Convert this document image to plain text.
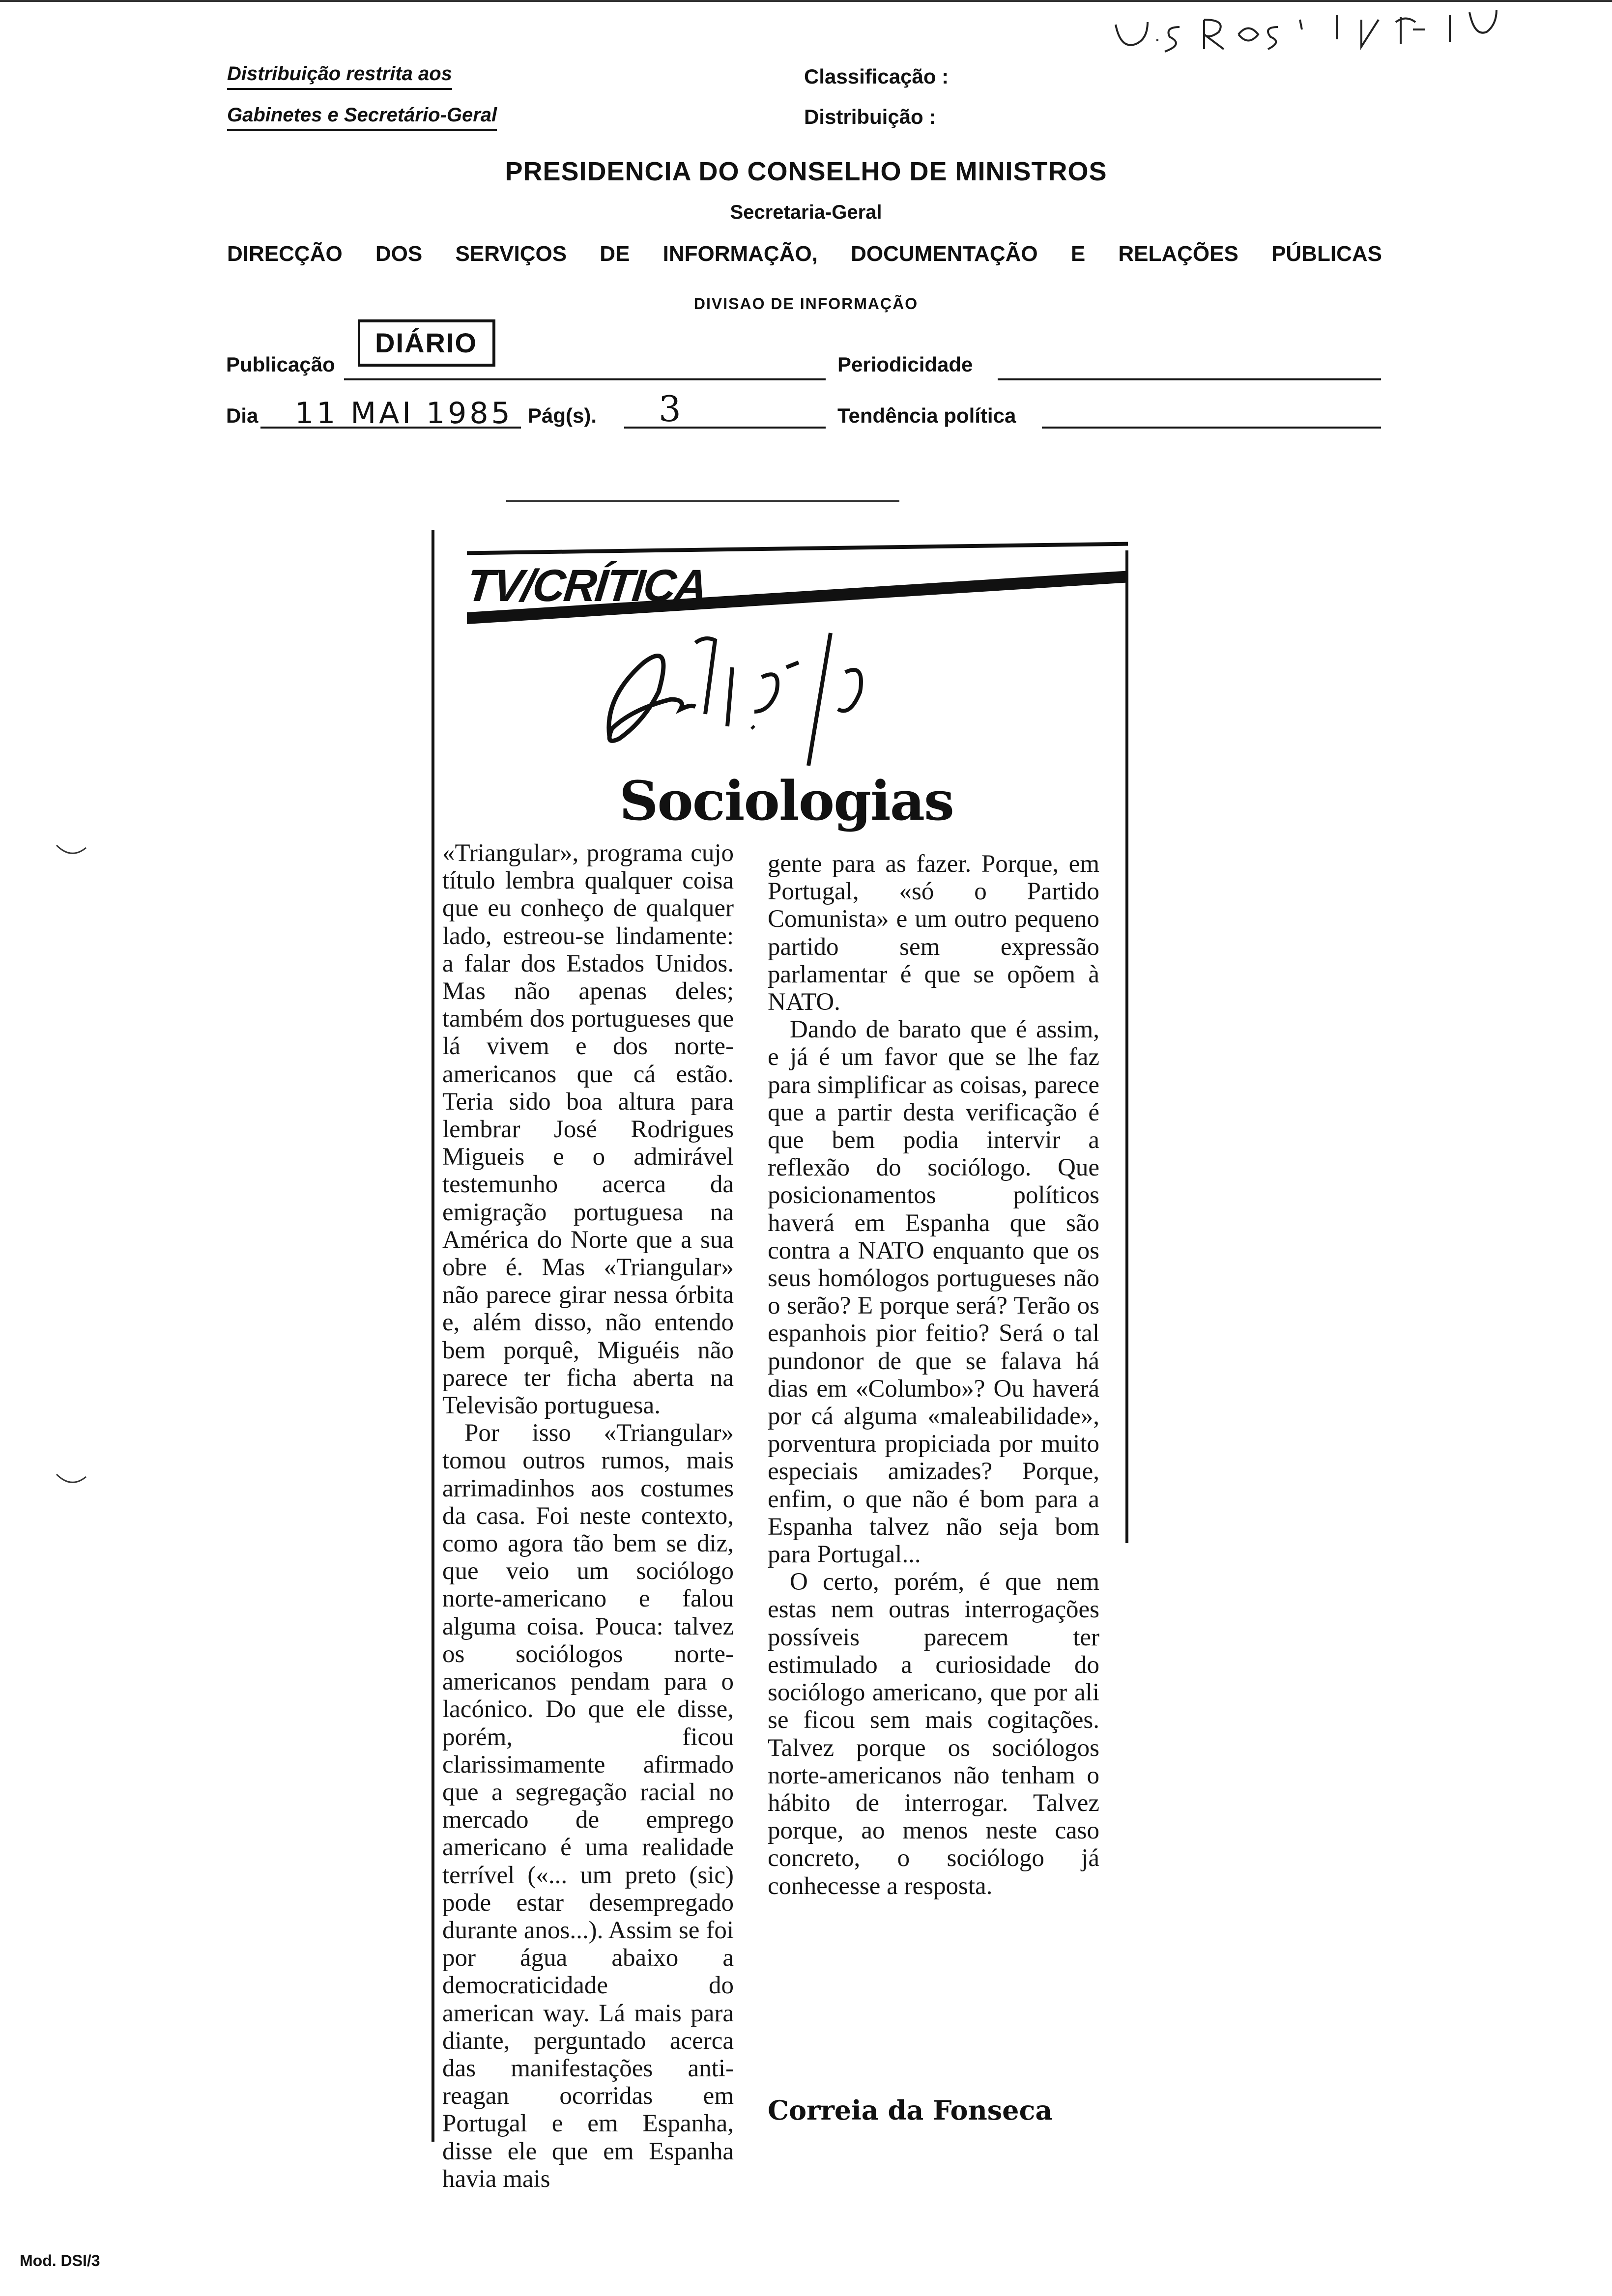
Distribuição restrita aos
Gabinetes e Secretário-Geral
Classificação :
Distribuição :
PRESIDENCIA DO CONSELHO DE MINISTROS
Secretaria-Geral
DIRECÇÃO DOS SERVIÇOS DE INFORMAÇÃO, DOCUMENTAÇÃO E RELAÇÕES PÚBLICAS
DIVISAO DE INFORMAÇÃO
Publicação
DIÁRIO
Periodicidade
Dia 11 MAI 1985 Pág(s). 3	Tendência política
TV/CRÍTICA
Sociologias

«Triangular», programa cujo título lembra qualquer coisa que eu conheço de qualquer lado, estreou-se lindamente: a falar dos Estados Unidos. Mas não apenas deles; também dos portugueses que lá vivem e dos norte-americanos que cá estão. Teria sido boa altura para lembrar José Rodrigues Migueis e o admirável testemunho acerca da emigração portuguesa na América do Norte que a sua obre é. Mas «Triangular» não parece girar nessa órbita e, além disso, não entendo bem porquê, Miguéis não parece ter ficha aberta na Televisão portuguesa.

Por isso «Triangular» tomou outros rumos, mais arrimadinhos aos costumes da casa. Foi neste contexto, como agora tão bem se diz, que veio um sociólogo norte-americano e falou alguma coisa. Pouca: talvez os sociólogos norte-americanos pendam para o lacónico. Do que ele disse, porém, ficou clarissimamente afirmado que a segregação racial no mercado de emprego americano é uma realidade terrível («... um preto (sic) pode estar desempregado durante anos...). Assim se foi por água abaixo a democraticidade do american way. Lá mais para diante, perguntado acerca das manifestações anti-reagan ocorridas em Portugal e em Espanha, disse ele que em Espanha havia mais

gente para as fazer. Porque, em Portugal, «só o Partido Comunista» e um outro pequeno partido sem expressão parlamentar é que se opõem à NATO.

Dando de barato que é assim, e já é um favor que se lhe faz para simplificar as coisas, parece que a partir desta verificação é que bem podia intervir a reflexão do sociólogo. Que posicionamentos políticos haverá em Espanha que são contra a NATO enquanto que os seus homólogos portugueses não o serão? E porque será? Terão os espanhois pior feitio? Será o tal pundonor de que se falava há dias em «Columbo»? Ou haverá por cá alguma «maleabilidade», porventura propiciada por muito especiais amizades? Porque, enfim, o que não é bom para a Espanha talvez não seja bom para Portugal...

O certo, porém, é que nem estas nem outras interrogações possíveis parecem ter estimulado a curiosidade do sociólogo americano, que por ali se ficou sem mais cogitações. Talvez porque os sociólogos norte-americanos não tenham o hábito de interrogar. Talvez porque, ao menos neste caso concreto, o sociólogo já conhecesse a resposta.

Correia da Fonseca
Mod. DSI/3
